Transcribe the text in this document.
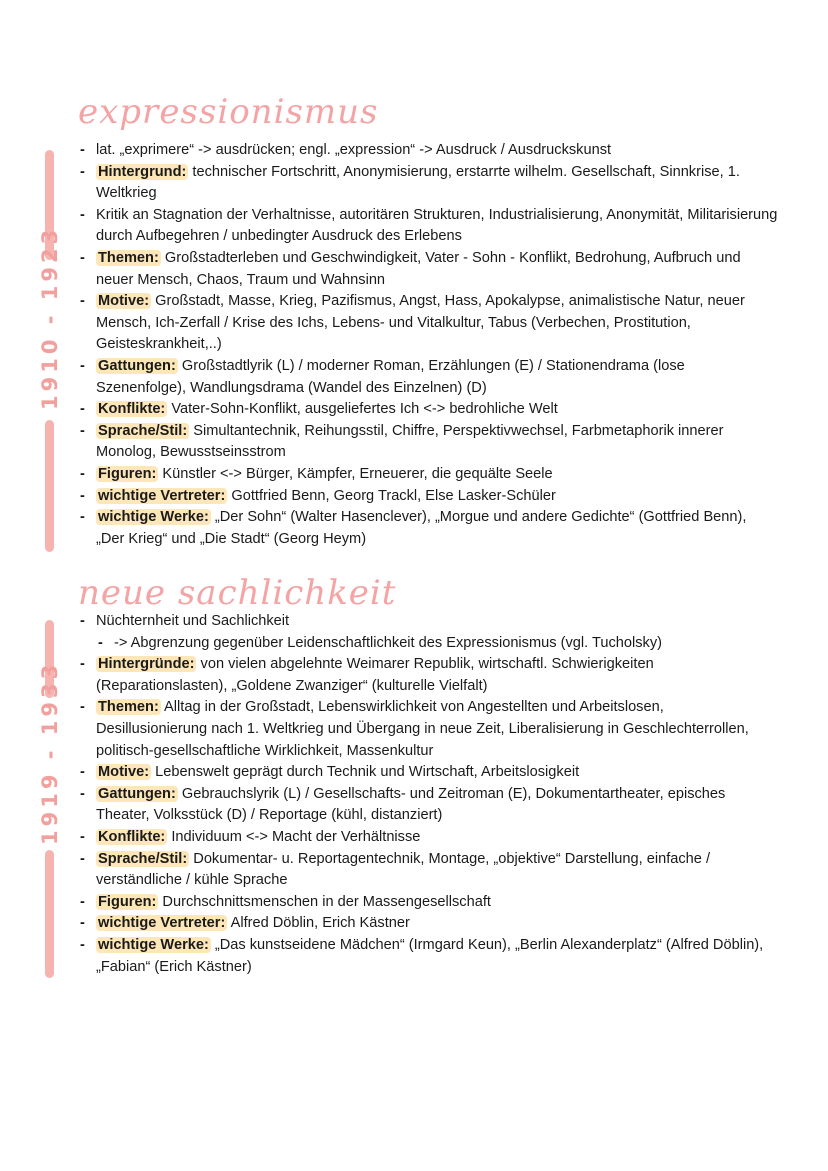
expressionismus
1910 - 1923
- lat. „exprimere“ -> ausdrücken; engl. „expression“ -> Ausdruck / Ausdruckskunst
- Hintergrund: technischer Fortschritt, Anonymisierung, erstarrte wilhelm. Gesellschaft, Sinnkrise, 1. Weltkrieg
- Kritik an Stagnation der Verhaltnisse, autoritären Strukturen, Industrialisierung, Anonymität, Militarisierung durch Aufbegehren / unbedingter Ausdruck des Erlebens
- Themen: Großstadterleben und Geschwindigkeit, Vater - Sohn - Konflikt, Bedrohung, Aufbruch und neuer Mensch, Chaos, Traum und Wahnsinn
- Motive: Großstadt, Masse, Krieg, Pazifismus, Angst, Hass, Apokalypse, animalistische Natur, neuer Mensch, Ich-Zerfall / Krise des Ichs, Lebens- und Vitalkultur, Tabus (Verbechen, Prostitution, Geisteskrankheit,..)
- Gattungen: Großstadtlyrik (L) / moderner Roman, Erzählungen (E) / Stationendrama (lose Szenenfolge), Wandlungsdrama (Wandel des Einzelnen) (D)
- Konflikte: Vater-Sohn-Konflikt, ausgeliefertes Ich <-> bedrohliche Welt
- Sprache/Stil: Simultantechnik, Reihungsstil, Chiffre, Perspektivwechsel, Farbmetaphorik innerer Monolog, Bewusstseinsstrom
- Figuren: Künstler <-> Bürger, Kämpfer, Erneuerer, die gequälte Seele
- wichtige Vertreter: Gottfried Benn, Georg Trackl, Else Lasker-Schüler
- wichtige Werke: „Der Sohn“ (Walter Hasenclever), „Morgue und andere Gedichte“ (Gottfried Benn), „Der Krieg“ und „Die Stadt“ (Georg Heym)
neue sachlichkeit
1919 - 1933
- Nüchternheit und Sachlichkeit
- -> Abgrenzung gegenüber Leidenschaftlichkeit des Expressionismus (vgl. Tucholsky)
- Hintergründe: von vielen abgelehnte Weimarer Republik, wirtschaftl. Schwierigkeiten (Reparationslasten), „Goldene Zwanziger“ (kulturelle Vielfalt)
- Themen: Alltag in der Großstadt, Lebenswirklichkeit von Angestellten und Arbeitslosen, Desillusionierung nach 1. Weltkrieg und Übergang in neue Zeit, Liberalisierung in Geschlechterrollen, politisch-gesellschaftliche Wirklichkeit, Massenkultur
- Motive: Lebenswelt geprägt durch Technik und Wirtschaft, Arbeitslosigkeit
- Gattungen: Gebrauchslyrik (L) / Gesellschafts- und Zeitroman (E), Dokumentartheater, episches Theater, Volksstück (D) / Reportage (kühl, distanziert)
- Konflikte: Individuum <-> Macht der Verhältnisse
- Sprache/Stil: Dokumentar- u. Reportagentechnik, Montage, „objektive“ Darstellung, einfache / verständliche / kühle Sprache
- Figuren: Durchschnittsmenschen in der Massengesellschaft
- wichtige Vertreter: Alfred Döblin, Erich Kästner
- wichtige Werke: „Das kunstseidene Mädchen“ (Irmgard Keun), „Berlin Alexanderplatz“ (Alfred Döblin), „Fabian“ (Erich Kästner)
